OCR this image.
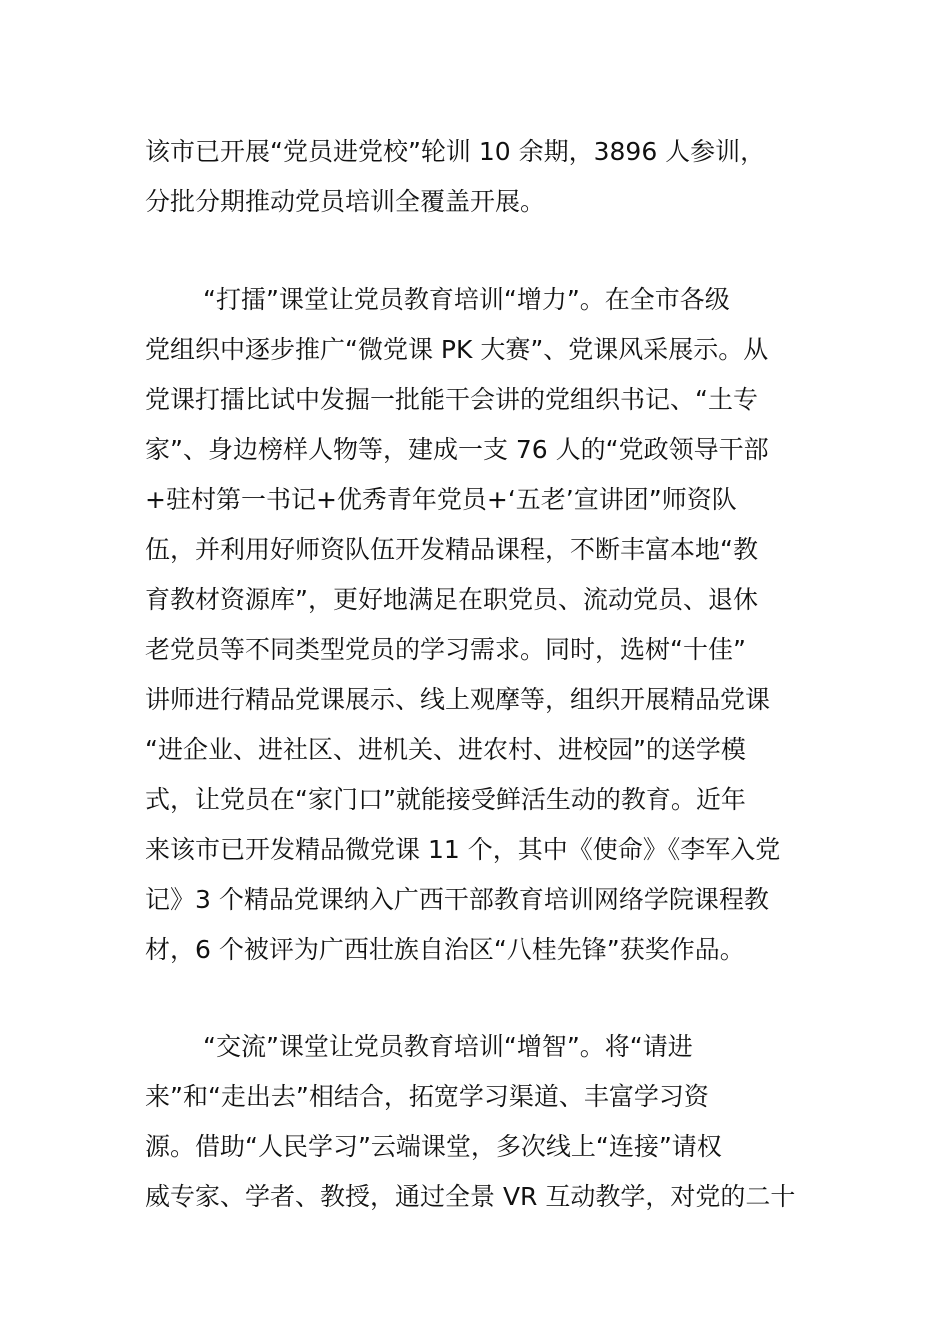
该市已开展“党员进党校”轮训 10 余期，3896 人参训，
分批分期推动党员培训全覆盖开展。
“打擂”课堂让党员教育培训“增力”。在全市各级
党组织中逐步推广“微党课 PK 大赛”、党课风采展示。从
党课打擂比试中发掘一批能干会讲的党组织书记、“土专
家”、身边榜样人物等，建成一支 76 人的“党政领导干部
+驻村第一书记+优秀青年党员+‘五老’宣讲团”师资队
伍，并利用好师资队伍开发精品课程，不断丰富本地“教
育教材资源库”，更好地满足在职党员、流动党员、退休
老党员等不同类型党员的学习需求。同时，选树“十佳”
讲师进行精品党课展示、线上观摩等，组织开展精品党课
“进企业、进社区、进机关、进农村、进校园”的送学模
式，让党员在“家门口”就能接受鲜活生动的教育。近年
来该市已开发精品微党课 11 个，其中《使命》《李军入党
记》3 个精品党课纳入广西干部教育培训网络学院课程教
材，6 个被评为广西壮族自治区“八桂先锋”获奖作品。
“交流”课堂让党员教育培训“增智”。将“请进
来”和“走出去”相结合，拓宽学习渠道、丰富学习资
源。借助“人民学习”云端课堂，多次线上“连接”请权
威专家、学者、教授，通过全景 VR 互动教学，对党的二十
